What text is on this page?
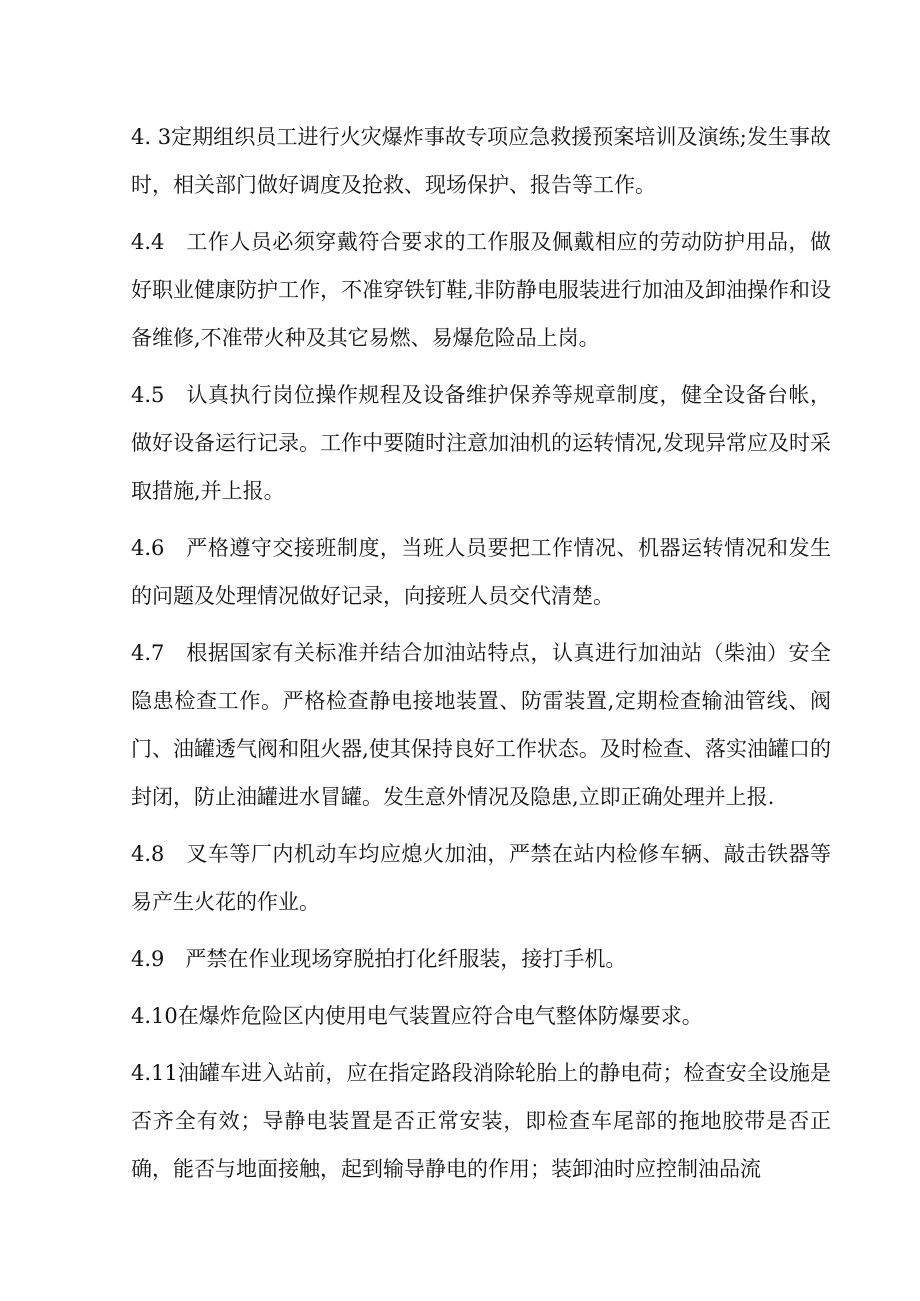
4. 3定期组织员工进行火灾爆炸事故专项应急救援预案培训及演练;发生事故时，相关部门做好调度及抢救、现场保护、报告等工作。

4.4　工作人员必须穿戴符合要求的工作服及佩戴相应的劳动防护用品，做好职业健康防护工作，不准穿铁钉鞋,非防静电服装进行加油及卸油操作和设备维修,不准带火种及其它易燃、易爆危险品上岗。

4.5　认真执行岗位操作规程及设备维护保养等规章制度，健全设备台帐，做好设备运行记录。工作中要随时注意加油机的运转情况,发现异常应及时采取措施,并上报。

4.6　严格遵守交接班制度，当班人员要把工作情况、机器运转情况和发生的问题及处理情况做好记录，向接班人员交代清楚。

4.7　根据国家有关标准并结合加油站特点，认真进行加油站（柴油）安全隐患检查工作。严格检查静电接地装置、防雷装置,定期检查输油管线、阀门、油罐透气阀和阻火器,使其保持良好工作状态。及时检查、落实油罐口的封闭，防止油罐进水冒罐。发生意外情况及隐患,立即正确处理并上报.

4.8　叉车等厂内机动车均应熄火加油，严禁在站内检修车辆、敲击铁器等易产生火花的作业。

4.9　严禁在作业现场穿脱拍打化纤服装，接打手机。

4.10在爆炸危险区内使用电气装置应符合电气整体防爆要求。

4.11油罐车进入站前，应在指定路段消除轮胎上的静电荷；检查安全设施是否齐全有效；导静电装置是否正常安装，即检查车尾部的拖地胶带是否正确，能否与地面接触，起到输导静电的作用；装卸油时应控制油品流
